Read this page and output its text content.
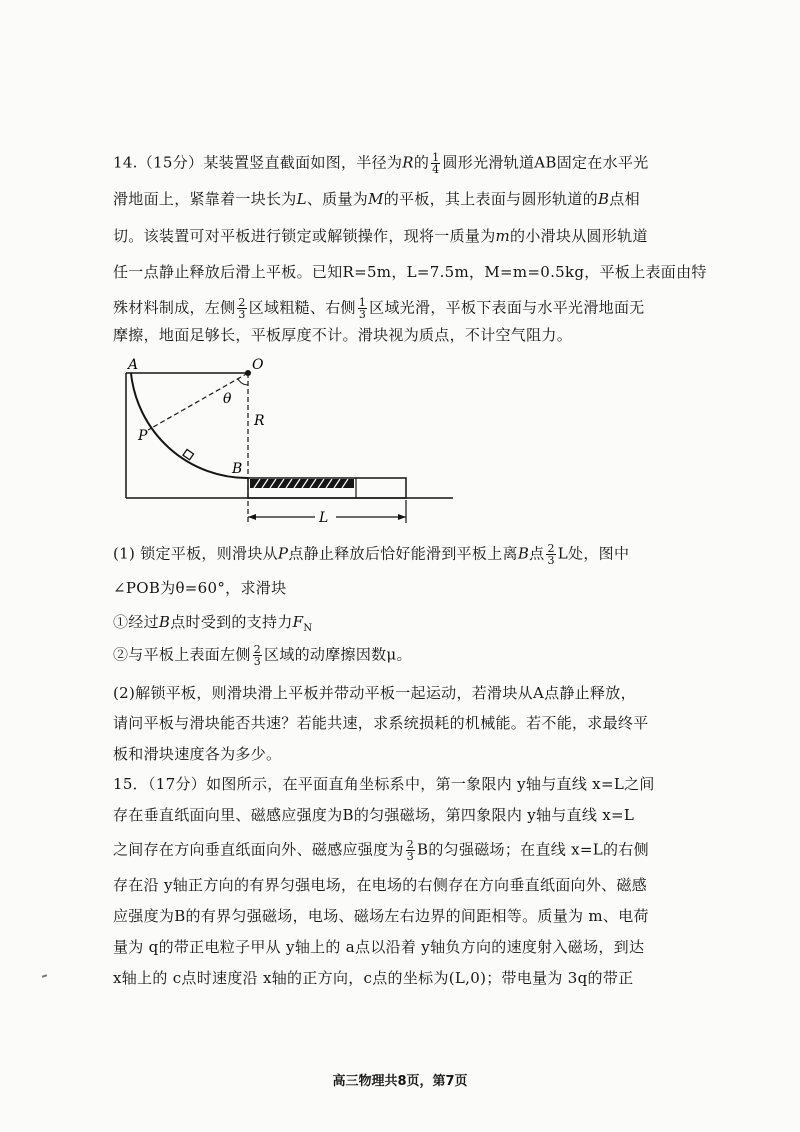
14.（15分）某装置竖直截面如图，半径为R的 $\frac{1}{4}$ 圆形光滑轨道AB固定在水平光
滑地面上，紧靠着一块长为L、质量为M的平板，其上表面与圆形轨道的B点相
切。该装置可对平板进行锁定或解锁操作，现将一质量为m的小滑块从圆形轨道
任一点静止释放后滑上平板。已知R=5m，L=7.5m，M=m=0.5kg，平板上表面由特
殊材料制成，左侧 $\frac{2}{3}$ 区域粗糙、右侧 $\frac{1}{3}$ 区域光滑，平板下表面与水平光滑地面无
摩擦，地面足够长，平板厚度不计。滑块视为质点，不计空气阻力。
A	O
θ
R
P
B
L
(1) 锁定平板，则滑块从P点静止释放后恰好能滑到平板上离B点 $\frac{2}{3}$ L处，图中
∠POB为θ=60°，求滑块
①经过B点时受到的支持力$F_N$
②与平板上表面左侧 $\frac{2}{3}$ 区域的动摩擦因数μ。
(2)解锁平板，则滑块滑上平板并带动平板一起运动，若滑块从A点静止释放，
请问平板与滑块能否共速？若能共速，求系统损耗的机械能。若不能，求最终平
板和滑块速度各为多少。
15．（17分）如图所示，在平面直角坐标系中，第一象限内 y轴与直线 x=L之间
存在垂直纸面向里、磁感应强度为B的匀强磁场，第四象限内 y轴与直线 x=L
之间存在方向垂直纸面向外、磁感应强度为 $\frac{2}{3}$ B的匀强磁场；在直线 x=L的右侧
存在沿 y轴正方向的有界匀强电场，在电场的右侧存在方向垂直纸面向外、磁感
应强度为B的有界匀强磁场，电场、磁场左右边界的间距相等。质量为 m、电荷
量为 q的带正电粒子甲从 y轴上的 a点以沿着 y轴负方向的速度射入磁场，到达
x轴上的 c点时速度沿 x轴的正方向，c点的坐标为(L,0)；带电量为 3q的带正
高三物理共8页，第7页
